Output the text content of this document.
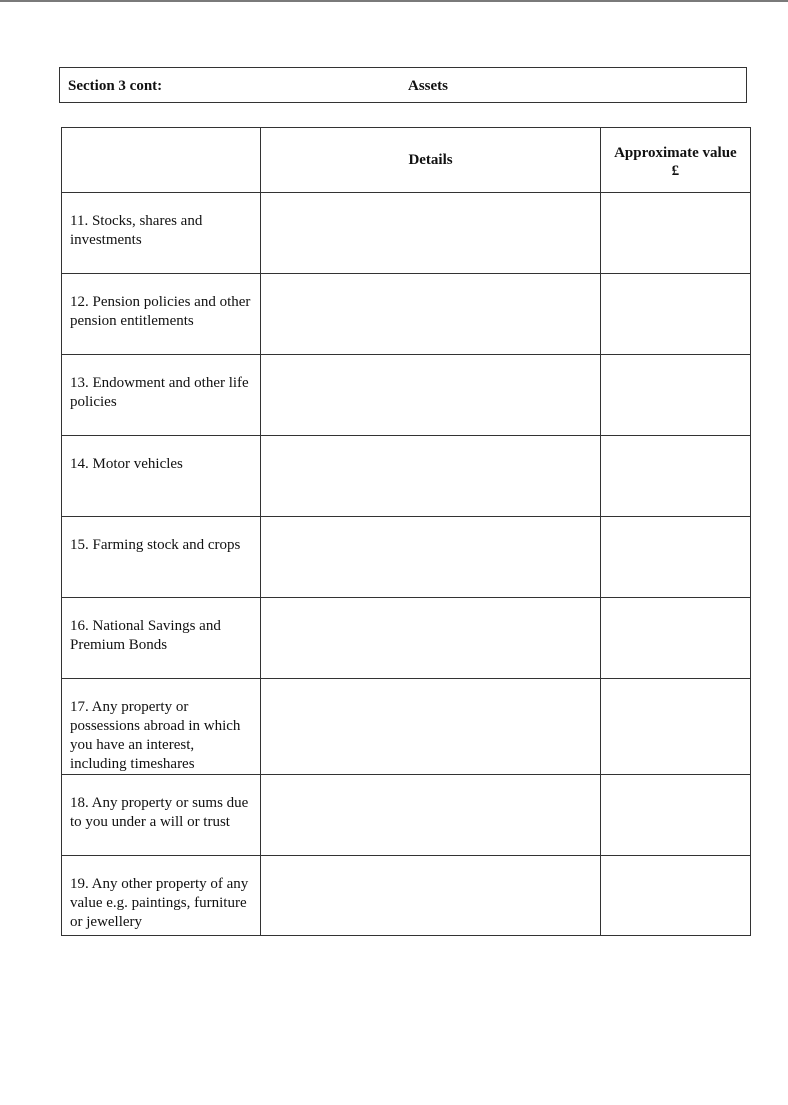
Section 3 cont:	Assets
	Details	Approximate value
£

11. Stocks, shares and investments		

12. Pension policies and other pension entitlements		

13. Endowment and other life policies		

14. Motor vehicles		

15. Farming stock and crops		

16. National Savings and Premium Bonds		

17. Any property or possessions abroad in which you have an interest, including timeshares		

18. Any property or sums due to you under a will or trust		

19. Any other property of any value e.g. paintings, furniture or jewellery		
